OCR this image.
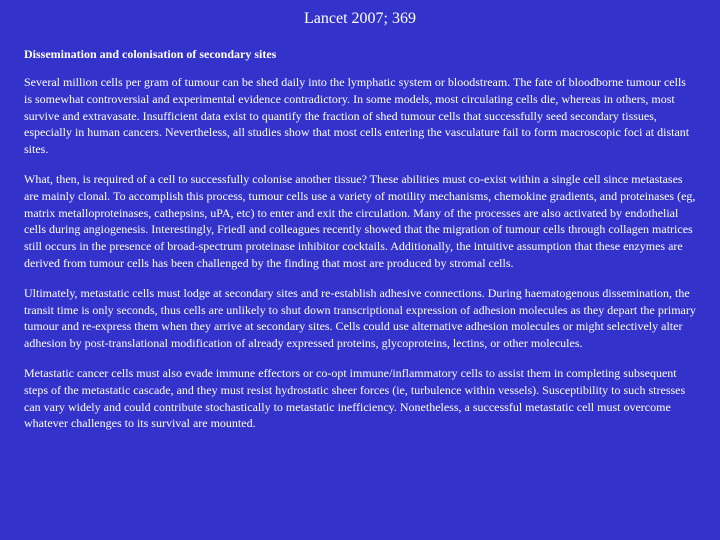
Lancet 2007; 369
Dissemination and colonisation of secondary sites

Several million cells per gram of tumour can be shed daily into the lymphatic system or bloodstream. The fate of bloodborne tumour cells is somewhat controversial and experimental evidence contradictory. In some models, most circulating cells die, whereas in others, most survive and extravasate. Insufficient data exist to quantify the fraction of shed tumour cells that successfully seed secondary tissues, especially in human cancers. Nevertheless, all studies show that most cells entering the vasculature fail to form macroscopic foci at distant sites.

What, then, is required of a cell to successfully colonise another tissue? These abilities must co-exist within a single cell since metastases are mainly clonal. To accomplish this process, tumour cells use a variety of motility mechanisms, chemokine gradients, and proteinases (eg, matrix metalloproteinases, cathepsins, uPA, etc) to enter and exit the circulation. Many of the processes are also activated by endothelial cells during angiogenesis. Interestingly, Friedl and colleagues recently showed that the migration of tumour cells through collagen matrices still occurs in the presence of broad-spectrum proteinase inhibitor cocktails. Additionally, the intuitive assumption that these enzymes are derived from tumour cells has been challenged by the finding that most are produced by stromal cells.

Ultimately, metastatic cells must lodge at secondary sites and re-establish adhesive connections. During haematogenous dissemination, the transit time is only seconds, thus cells are unlikely to shut down transcriptional expression of adhesion molecules as they depart the primary tumour and re-express them when they arrive at secondary sites. Cells could use alternative adhesion molecules or might selectively alter adhesion by post-translational modification of already expressed proteins, glycoproteins, lectins, or other molecules.

Metastatic cancer cells must also evade immune effectors or co-opt immune/inflammatory cells to assist them in completing subsequent steps of the metastatic cascade, and they must resist hydrostatic sheer forces (ie, turbulence within vessels). Susceptibility to such stresses can vary widely and could contribute stochastically to metastatic inefficiency. Nonetheless, a successful metastatic cell must overcome whatever challenges to its survival are mounted.
